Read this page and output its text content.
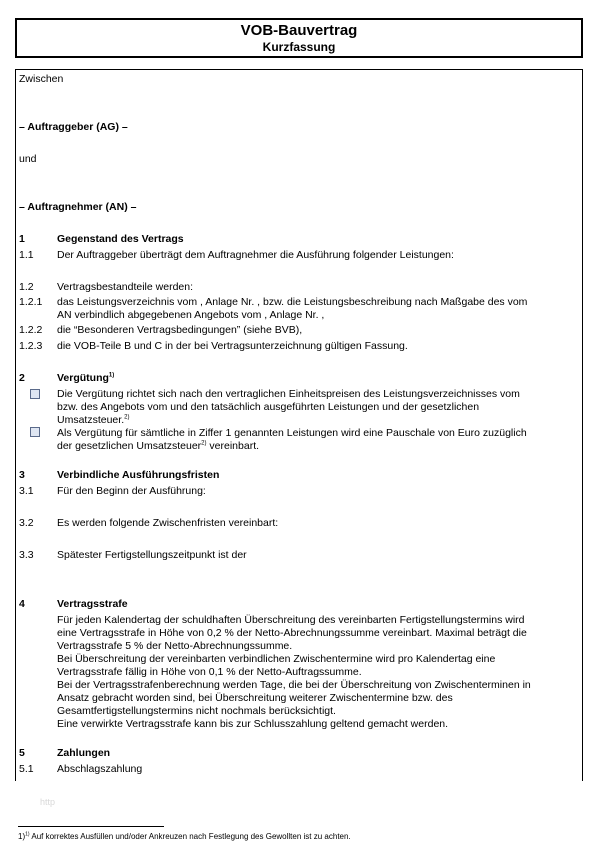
VOB-Bauvertrag
Kurzfassung
Zwischen
– Auftraggeber (AG) –
und
– Auftragnehmer (AN) –
1	Gegenstand des Vertrags
1.1 Der Auftraggeber überträgt dem Auftragnehmer die Ausführung folgender Leistungen:
1.2 Vertragsbestandteile werden:
1.2.1 das Leistungsverzeichnis vom , Anlage Nr. , bzw. die Leistungsbeschreibung nach Maßgabe des vom
AN verbindlich abgegebenen Angebots vom , Anlage Nr. ,
1.2.2 die “Besonderen Vertragsbedingungen” (siehe BVB),
1.2.3 die VOB-Teile B und C in der bei Vertragsunterzeichnung gültigen Fassung.
2	Vergütung$^{1)}$
Die Vergütung richtet sich nach den vertraglichen Einheitspreisen des Leistungsverzeichnisses vom
bzw. des Angebots vom und den tatsächlich ausgeführten Leistungen und der gesetzlichen
Umsatzsteuer.$^{2)}$
Als Vergütung für sämtliche in Ziffer 1 genannten Leistungen wird eine Pauschale von Euro zuzüglich
der gesetzlichen Umsatzsteuer$^{2)}$ vereinbart.
3	Verbindliche Ausführungsfristen
3.1 Für den Beginn der Ausführung:
3.2 Es werden folgende Zwischenfristen vereinbart:
3.3 Spätester Fertigstellungszeitpunkt ist der
4	Vertragsstrafe
Für jeden Kalendertag der schuldhaften Überschreitung des vereinbarten Fertigstellungstermins wird
eine Vertragsstrafe in Höhe von 0,2 % der Netto-Abrechnungssumme vereinbart. Maximal beträgt die
Vertragsstrafe 5 % der Netto-Abrechnungssumme.
Bei Überschreitung der vereinbarten verbindlichen Zwischentermine wird pro Kalendertag eine
Vertragsstrafe fällig in Höhe von 0,1 % der Netto-Auftragssumme.
Bei der Vertragsstrafenberechnung werden Tage, die bei der Überschreitung von Zwischenterminen in
Ansatz gebracht worden sind, bei Überschreitung weiterer Zwischentermine bzw. des
Gesamtfertigstellungstermins nicht nochmals berücksichtigt.
Eine verwirkte Vertragsstrafe kann bis zur Schlusszahlung geltend gemacht werden.
5	Zahlungen
5.1 Abschlagszahlung
http
1)$^{1)}$ Auf korrektes Ausfüllen und/oder Ankreuzen nach Festlegung des Gewollten ist zu achten.
